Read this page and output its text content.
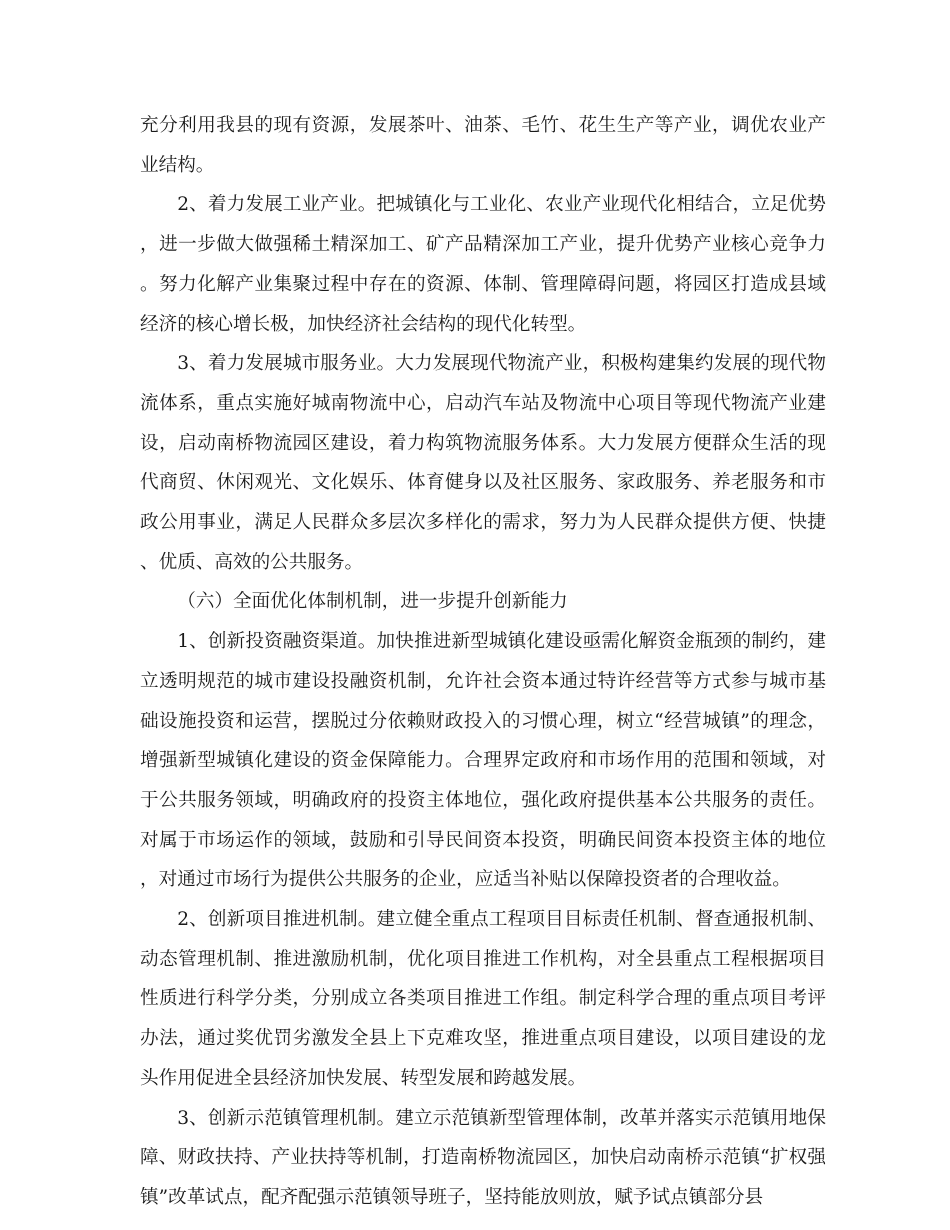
充分利用我县的现有资源，发展茶叶、油茶、毛竹、花生生产等产业，调优农业产业结构。

2、着力发展工业产业。把城镇化与工业化、农业产业现代化相结合，立足优势，进一步做大做强稀土精深加工、矿产品精深加工产业，提升优势产业核心竞争力。努力化解产业集聚过程中存在的资源、体制、管理障碍问题，将园区打造成县域经济的核心增长极，加快经济社会结构的现代化转型。

3、着力发展城市服务业。大力发展现代物流产业，积极构建集约发展的现代物流体系，重点实施好城南物流中心，启动汽车站及物流中心项目等现代物流产业建设，启动南桥物流园区建设，着力构筑物流服务体系。大力发展方便群众生活的现代商贸、休闲观光、文化娱乐、体育健身以及社区服务、家政服务、养老服务和市政公用事业，满足人民群众多层次多样化的需求，努力为人民群众提供方便、快捷、优质、高效的公共服务。

（六）全面优化体制机制，进一步提升创新能力

1、创新投资融资渠道。加快推进新型城镇化建设亟需化解资金瓶颈的制约，建立透明规范的城市建设投融资机制，允许社会资本通过特许经营等方式参与城市基础设施投资和运营，摆脱过分依赖财政投入的习惯心理，树立“经营城镇”的理念，增强新型城镇化建设的资金保障能力。合理界定政府和市场作用的范围和领域，对于公共服务领域，明确政府的投资主体地位，强化政府提供基本公共服务的责任。对属于市场运作的领域，鼓励和引导民间资本投资，明确民间资本投资主体的地位，对通过市场行为提供公共服务的企业，应适当补贴以保障投资者的合理收益。

2、创新项目推进机制。建立健全重点工程项目目标责任机制、督查通报机制、动态管理机制、推进激励机制，优化项目推进工作机构，对全县重点工程根据项目性质进行科学分类，分别成立各类项目推进工作组。制定科学合理的重点项目考评办法，通过奖优罚劣激发全县上下克难攻坚，推进重点项目建设，以项目建设的龙头作用促进全县经济加快发展、转型发展和跨越发展。

3、创新示范镇管理机制。建立示范镇新型管理体制，改革并落实示范镇用地保障、财政扶持、产业扶持等机制，打造南桥物流园区，加快启动南桥示范镇“扩权强镇”改革试点，配齐配强示范镇领导班子，坚持能放则放，赋予试点镇部分县
